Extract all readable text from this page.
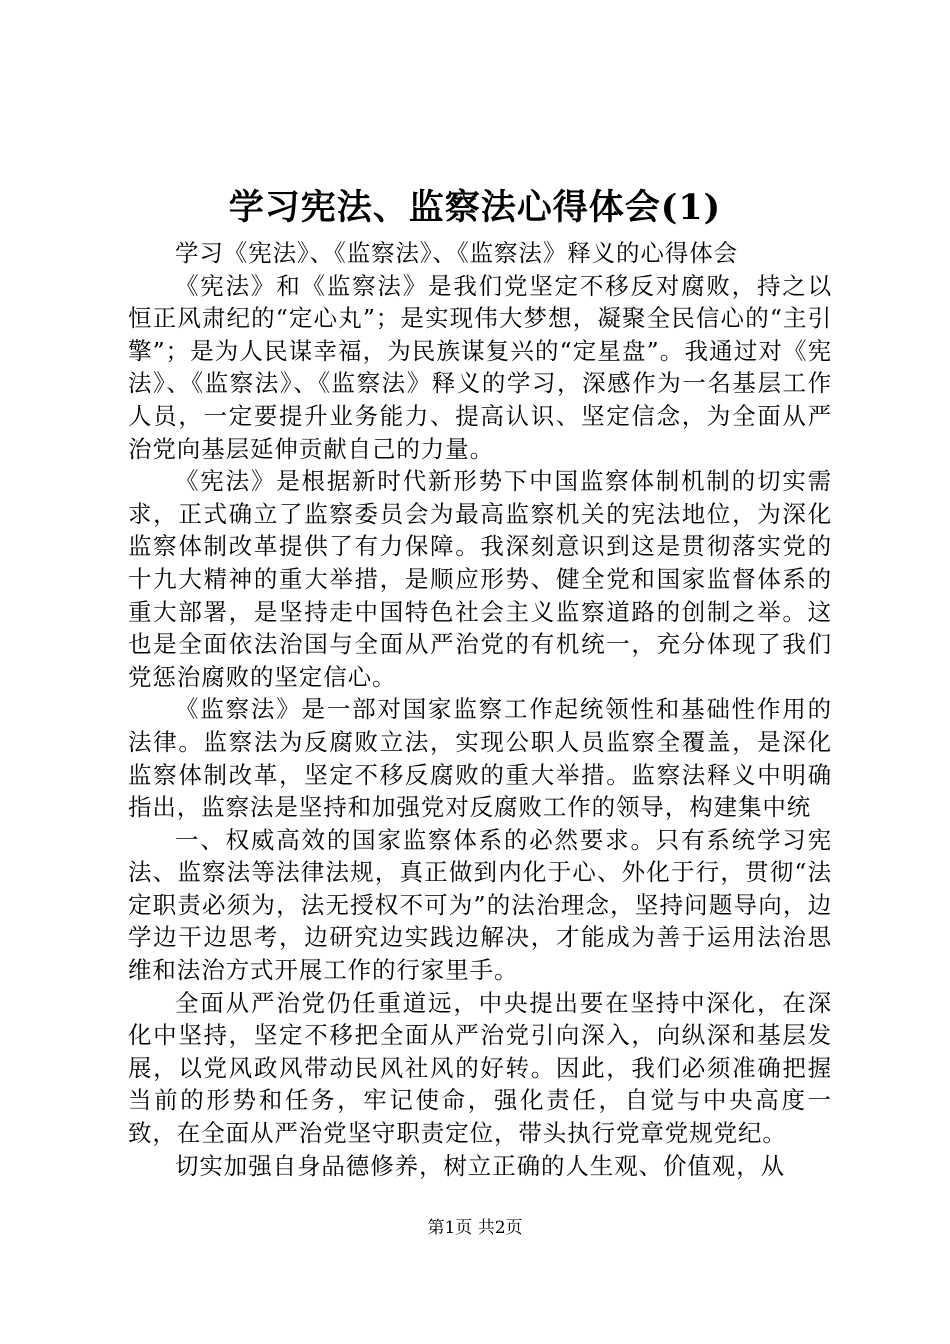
学习宪法、监察法心得体会(1)

学习《宪法》、《监察法》、《监察法》释义的心得体会

《宪法》和《监察法》是我们党坚定不移反对腐败，持之以恒正风肃纪的“定心丸”；是实现伟大梦想，凝聚全民信心的“主引擎”；是为人民谋幸福，为民族谋复兴的“定星盘”。我通过对《宪法》、《监察法》、《监察法》释义的学习，深感作为一名基层工作人员，一定要提升业务能力、提高认识、坚定信念，为全面从严治党向基层延伸贡献自己的力量。

《宪法》是根据新时代新形势下中国监察体制机制的切实需求，正式确立了监察委员会为最高监察机关的宪法地位，为深化监察体制改革提供了有力保障。我深刻意识到这是贯彻落实党的十九大精神的重大举措，是顺应形势、健全党和国家监督体系的重大部署，是坚持走中国特色社会主义监察道路的创制之举。这也是全面依法治国与全面从严治党的有机统一，充分体现了我们党惩治腐败的坚定信心。

《监察法》是一部对国家监察工作起统领性和基础性作用的法律。监察法为反腐败立法，实现公职人员监察全覆盖，是深化监察体制改革，坚定不移反腐败的重大举措。监察法释义中明确指出，监察法是坚持和加强党对反腐败工作的领导，构建集中统

一、权威高效的国家监察体系的必然要求。只有系统学习宪法、监察法等法律法规，真正做到内化于心、外化于行，贯彻“法定职责必须为，法无授权不可为”的法治理念，坚持问题导向，边学边干边思考，边研究边实践边解决，才能成为善于运用法治思维和法治方式开展工作的行家里手。

全面从严治党仍任重道远，中央提出要在坚持中深化，在深化中坚持，坚定不移把全面从严治党引向深入，向纵深和基层发展，以党风政风带动民风社风的好转。因此，我们必须准确把握当前的形势和任务，牢记使命，强化责任，自觉与中央高度一致，在全面从严治党坚守职责定位，带头执行党章党规党纪。

切实加强自身品德修养，树立正确的人生观、价值观，从

第1页 共2页
